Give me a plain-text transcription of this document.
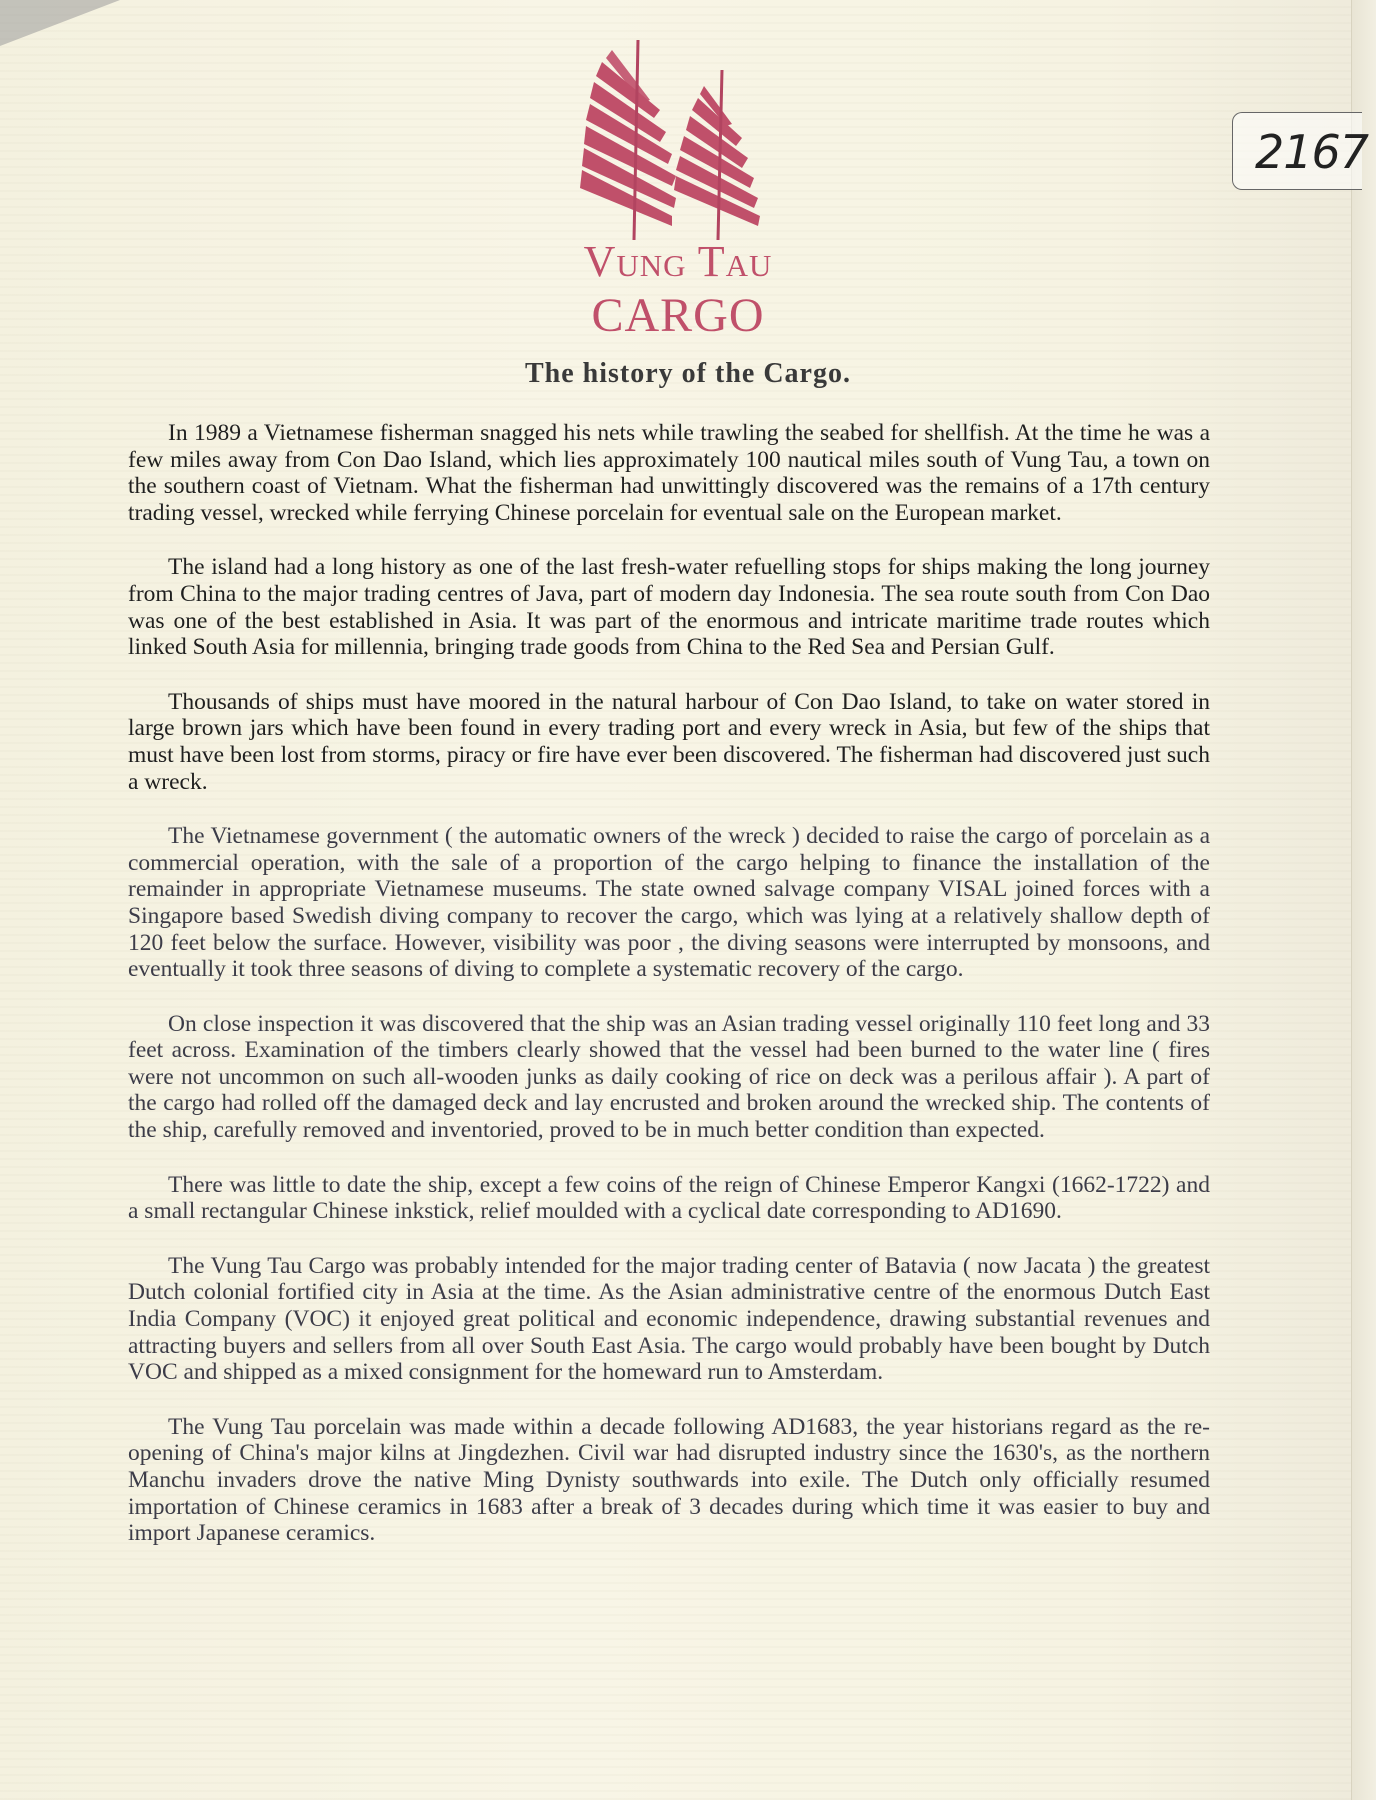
2167
Vung Tau
CARGO
The history of the Cargo.

In 1989 a Vietnamese fisherman snagged his nets while trawling the seabed for shellfish. At the time he was a few miles away from Con Dao Island, which lies approximately 100 nautical miles south of Vung Tau, a town on the southern coast of Vietnam. What the fisherman had unwittingly discovered was the remains of a 17th century trading vessel, wrecked while ferrying Chinese porcelain for eventual sale on the European market.

The island had a long history as one of the last fresh-water refuelling stops for ships making the long journey from China to the major trading centres of Java, part of modern day Indonesia. The sea route south from Con Dao was one of the best established in Asia. It was part of the enormous and intricate maritime trade routes which linked South Asia for millennia, bringing trade goods from China to the Red Sea and Persian Gulf.

Thousands of ships must have moored in the natural harbour of Con Dao Island, to take on water stored in large brown jars which have been found in every trading port and every wreck in Asia, but few of the ships that must have been lost from storms, piracy or fire have ever been discovered. The fisherman had discovered just such a wreck.

The Vietnamese government ( the automatic owners of the wreck ) decided to raise the cargo of porcelain as a commercial operation, with the sale of a proportion of the cargo helping to finance the installation of the remainder in appropriate Vietnamese museums. The state owned salvage company VISAL joined forces with a Singapore based Swedish diving company to recover the cargo, which was lying at a relatively shallow depth of 120 feet below the surface. However, visibility was poor , the diving seasons were interrupted by monsoons, and eventually it took three seasons of diving to complete a systematic recovery of the cargo.

On close inspection it was discovered that the ship was an Asian trading vessel originally 110 feet long and 33 feet across. Examination of the timbers clearly showed that the vessel had been burned to the water line ( fires were not uncommon on such all-wooden junks as daily cooking of rice on deck was a perilous affair ). A part of the cargo had rolled off the damaged deck and lay encrusted and broken around the wrecked ship. The contents of the ship, carefully removed and inventoried, proved to be in much better condition than expected.

There was little to date the ship, except a few coins of the reign of Chinese Emperor Kangxi (1662-1722) and a small rectangular Chinese inkstick, relief moulded with a cyclical date corresponding to AD1690.

The Vung Tau Cargo was probably intended for the major trading center of Batavia ( now Jacata ) the greatest Dutch colonial fortified city in Asia at the time. As the Asian administrative centre of the enormous Dutch East India Company (VOC) it enjoyed great political and economic independence, drawing substantial revenues and attracting buyers and sellers from all over South East Asia. The cargo would probably have been bought by Dutch VOC and shipped as a mixed consignment for the homeward run to Amsterdam.

The Vung Tau porcelain was made within a decade following AD1683, the year historians regard as the re-opening of China's major kilns at Jingdezhen. Civil war had disrupted industry since the 1630's, as the northern Manchu invaders drove the native Ming Dynisty southwards into exile. The Dutch only officially resumed importation of Chinese ceramics in 1683 after a break of 3 decades during which time it was easier to buy and import Japanese ceramics.
